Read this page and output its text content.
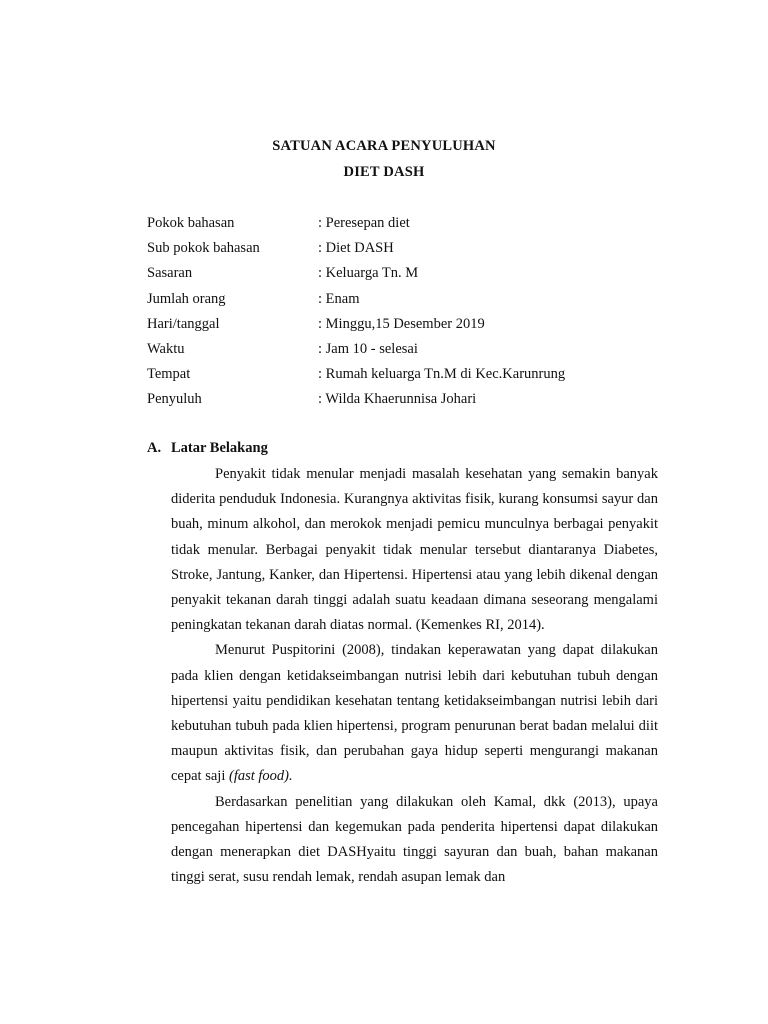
SATUAN ACARA PENYULUHAN
DIET DASH
Pokok bahasan	: Peresepan diet
Sub pokok bahasan	: Diet DASH
Sasaran	: Keluarga Tn. M
Jumlah orang	: Enam
Hari/tanggal	: Minggu,15 Desember 2019
Waktu	: Jam 10 - selesai
Tempat	: Rumah keluarga Tn.M di Kec.Karunrung
Penyuluh	: Wilda Khaerunnisa Johari
A. Latar Belakang

Penyakit tidak menular menjadi masalah kesehatan yang semakin banyak diderita penduduk Indonesia. Kurangnya aktivitas fisik, kurang konsumsi sayur dan buah, minum alkohol, dan merokok menjadi pemicu munculnya berbagai penyakit tidak menular. Berbagai penyakit tidak menular tersebut diantaranya Diabetes, Stroke, Jantung, Kanker, dan Hipertensi. Hipertensi atau yang lebih dikenal dengan penyakit tekanan darah tinggi adalah suatu keadaan dimana seseorang mengalami peningkatan tekanan darah diatas normal. (Kemenkes RI, 2014).

Menurut Puspitorini (2008), tindakan keperawatan yang dapat dilakukan pada klien dengan ketidakseimbangan nutrisi lebih dari kebutuhan tubuh dengan hipertensi yaitu pendidikan kesehatan tentang ketidakseimbangan nutrisi lebih dari kebutuhan tubuh pada klien hipertensi, program penurunan berat badan melalui diit maupun aktivitas fisik, dan perubahan gaya hidup seperti mengurangi makanan cepat saji (fast food).

Berdasarkan penelitian yang dilakukan oleh Kamal, dkk (2013), upaya pencegahan hipertensi dan kegemukan pada penderita hipertensi dapat dilakukan dengan menerapkan diet DASHyaitu tinggi sayuran dan buah, bahan makanan tinggi serat, susu rendah lemak, rendah asupan lemak dan
